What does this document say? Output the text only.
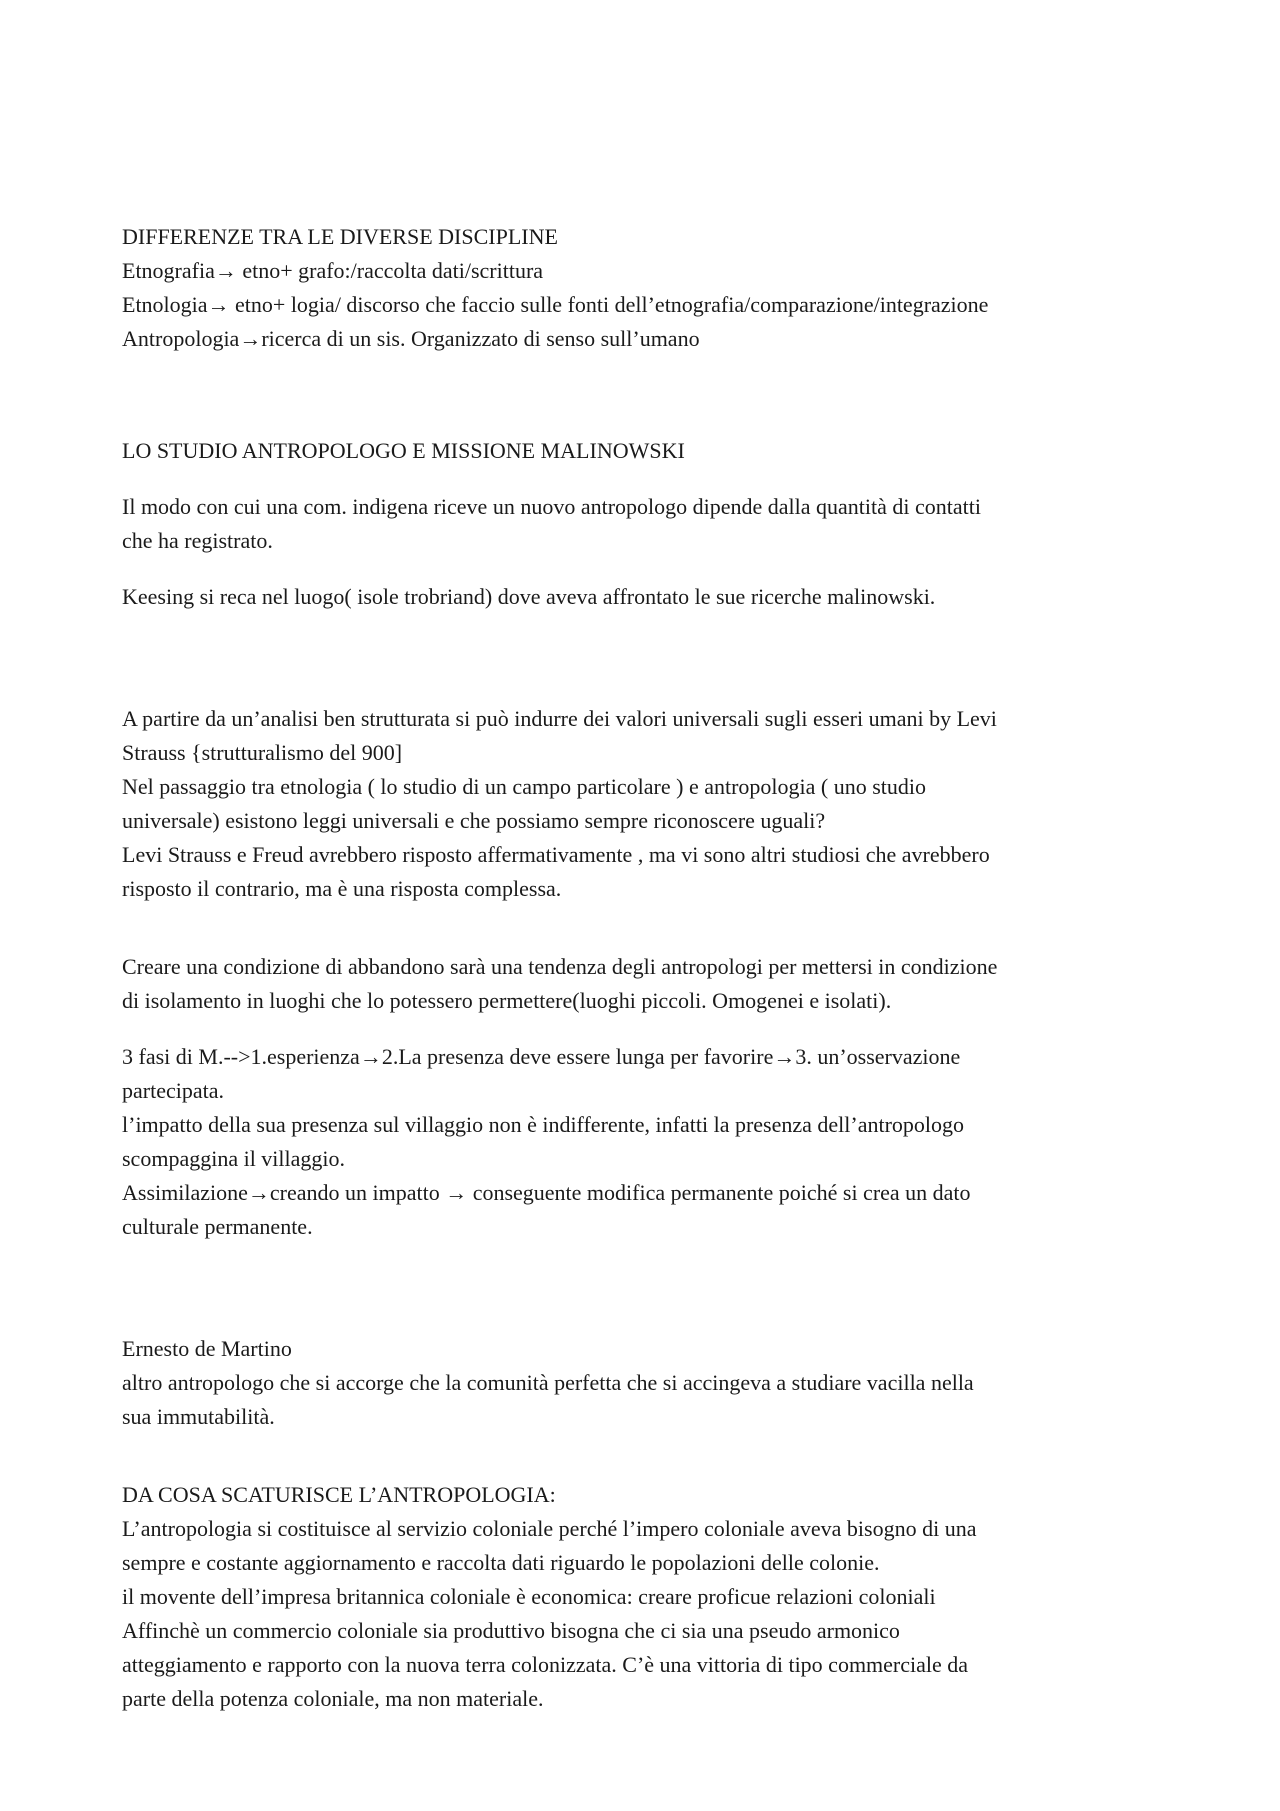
DIFFERENZE TRA LE DIVERSE DISCIPLINE
Etnografia→ etno+ grafo:/raccolta dati/scrittura
Etnologia→ etno+ logia/ discorso che faccio sulle fonti dell’etnografia/comparazione/integrazione
Antropologia→ricerca di un sis. Organizzato di senso sull’umano
LO STUDIO ANTROPOLOGO E MISSIONE MALINOWSKI
Il modo con cui una com. indigena riceve un nuovo antropologo dipende dalla quantità di contatti
che ha registrato.
Keesing si reca nel luogo( isole trobriand) dove aveva affrontato le sue ricerche malinowski.
A partire da un’analisi ben strutturata si può indurre dei valori universali sugli esseri umani by Levi
Strauss {strutturalismo del 900]
Nel passaggio tra etnologia ( lo studio di un campo particolare ) e antropologia ( uno studio
universale) esistono leggi universali e che possiamo sempre riconoscere uguali?
Levi Strauss e Freud avrebbero risposto affermativamente , ma vi sono altri studiosi che avrebbero
risposto il contrario, ma è una risposta complessa.
Creare una condizione di abbandono sarà una tendenza degli antropologi per mettersi in condizione
di isolamento in luoghi che lo potessero permettere(luoghi piccoli. Omogenei e isolati).
3 fasi di M.-->1.esperienza→2.La presenza deve essere lunga per favorire→3. un’osservazione
partecipata.
l’impatto della sua presenza sul villaggio non è indifferente, infatti la presenza dell’antropologo
scompaggina il villaggio.
Assimilazione→creando un impatto → conseguente modifica permanente poiché si crea un dato
culturale permanente.
Ernesto de Martino
altro antropologo che si accorge che la comunità perfetta che si accingeva a studiare vacilla nella
sua immutabilità.
DA COSA SCATURISCE L’ANTROPOLOGIA:
L’antropologia si costituisce al servizio coloniale perché l’impero coloniale aveva bisogno di una
sempre e costante aggiornamento e raccolta dati riguardo le popolazioni delle colonie.
il movente dell’impresa britannica coloniale è economica: creare proficue relazioni coloniali
Affinchè un commercio coloniale sia produttivo bisogna che ci sia una pseudo armonico
atteggiamento e rapporto con la nuova terra colonizzata. C’è una vittoria di tipo commerciale da
parte della potenza coloniale, ma non materiale.
